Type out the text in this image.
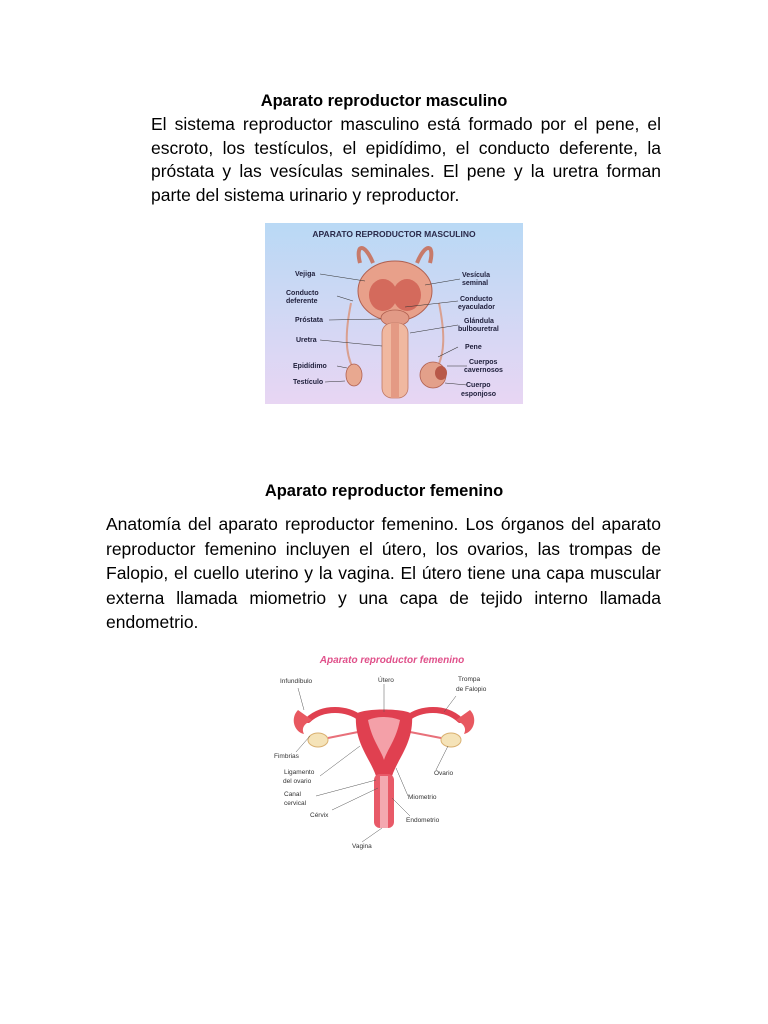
Aparato reproductor masculino
El sistema reproductor masculino está formado por el pene, el escroto, los testículos, el epidídimo, el conducto deferente, la próstata y las vesículas seminales. El pene y la uretra forman parte del sistema urinario y reproductor.
APARATO REPRODUCTOR MASCULINO
Vejiga
Conducto
deferente
Próstata
Uretra
Epidídimo
Testículo
Vesícula
seminal
Conducto
eyaculador
Glándula
bulbouretral
Pene
Cuerpos
cavernosos
Cuerpo
esponjoso
Aparato reproductor femenino
Anatomía del aparato reproductor femenino. Los órganos del aparato reproductor femenino incluyen el útero, los ovarios, las trompas de Falopio, el cuello uterino y la vagina. El útero tiene una capa muscular externa llamada miometrio y una capa de tejido interno llamada endometrio.
Aparato reproductor femenino
Infundíbulo	Útero	Trompa
de Falopio
Fimbrias
Ligamento
del ovario
Ovario
Canal
cervical
Miometrio
Cérvix
Endometrio
Vagina
